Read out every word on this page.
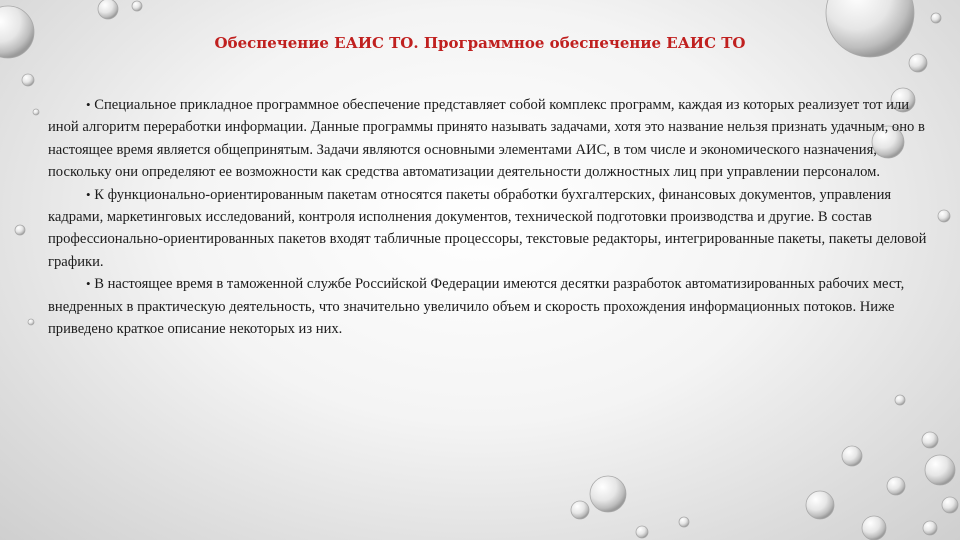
Обеспечение ЕАИС ТО. Программное обеспечение ЕАИС ТО

• Специальное прикладное программное обеспечение представляет собой комплекс программ, каждая из которых реализует тот или иной алгоритм переработки информации. Данные программы принято называть задачами, хотя это название нельзя признать удачным, оно в настоящее время является общепринятым. Задачи являются основными элементами АИС, в том числе и экономического назначения, поскольку они определяют ее возможности как средства автоматизации деятельности должностных лиц при управлении персоналом.

• К функционально-ориентированным пакетам относятся пакеты обработки бухгалтерских, финансовых документов, управления кадрами, маркетинговых исследований, контроля исполнения документов, технической подготовки производства и другие. В состав профессионально-ориентированных пакетов входят табличные процессоры, текстовые редакторы, интегрированные пакеты, пакеты деловой графики.

• В настоящее время в таможенной службе Российской Федерации имеются десятки разработок автоматизированных рабочих мест, внедренных в практическую деятельность, что значительно увеличило объем и скорость прохождения информационных потоков. Ниже приведено краткое описание некоторых из них.
